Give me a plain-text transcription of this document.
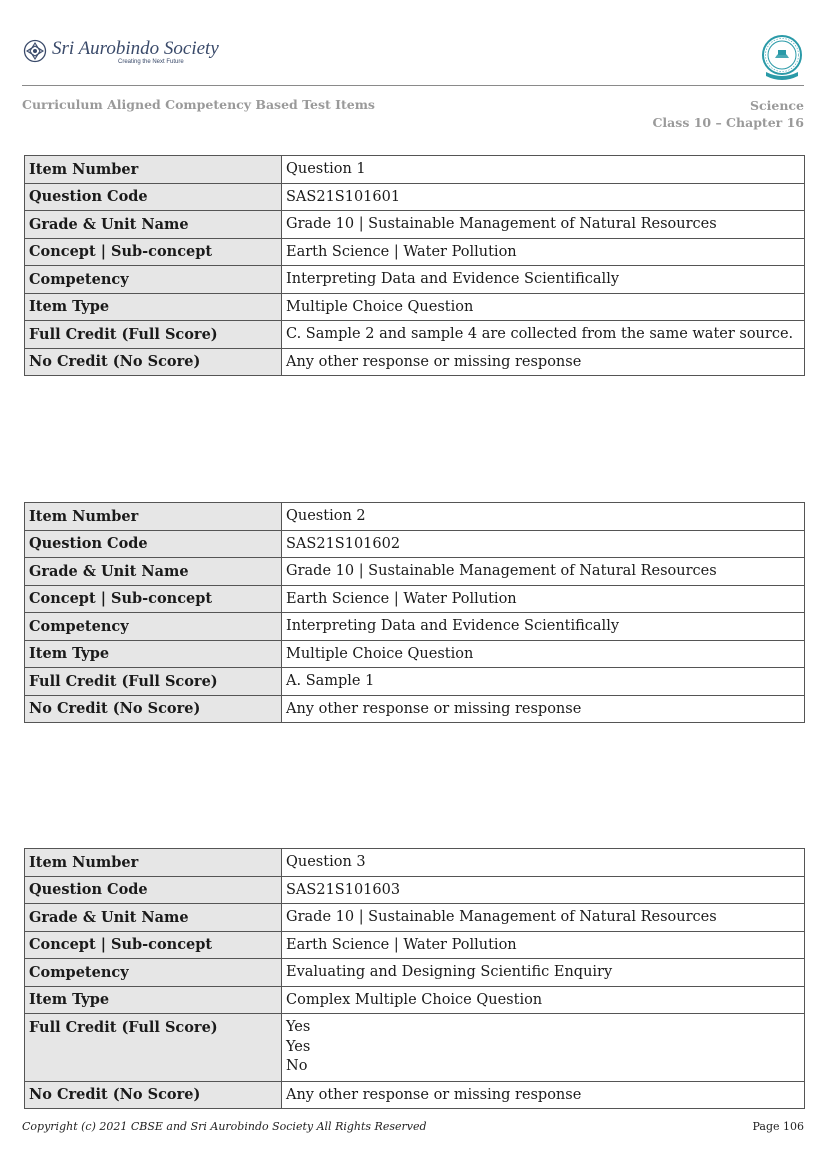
Sri Aurobindo Society
Creating the Next Future
Curriculum Aligned Competency Based Test Items	Science
Class 10 – Chapter 16
Item Number	Question 1
Question Code	SAS21S101601
Grade & Unit Name	Grade 10 | Sustainable Management of Natural Resources
Concept | Sub-concept	Earth Science | Water Pollution
Competency	Interpreting Data and Evidence Scientifically
Item Type	Multiple Choice Question
Full Credit (Full Score)	C. Sample 2 and sample 4 are collected from the same water source.
No Credit (No Score)	Any other response or missing response
Item Number	Question 2
Question Code	SAS21S101602
Grade & Unit Name	Grade 10 | Sustainable Management of Natural Resources
Concept | Sub-concept	Earth Science | Water Pollution
Competency	Interpreting Data and Evidence Scientifically
Item Type	Multiple Choice Question
Full Credit (Full Score)	A. Sample 1
No Credit (No Score)	Any other response or missing response
Item Number	Question 3
Question Code	SAS21S101603
Grade & Unit Name	Grade 10 | Sustainable Management of Natural Resources
Concept | Sub-concept	Earth Science | Water Pollution
Competency	Evaluating and Designing Scientific Enquiry
Item Type	Complex Multiple Choice Question
Full Credit (Full Score)	Yes
Yes
No

No Credit (No Score)	Any other response or missing response
Copyright (c) 2021 CBSE and Sri Aurobindo Society All Rights Reserved	Page 106
